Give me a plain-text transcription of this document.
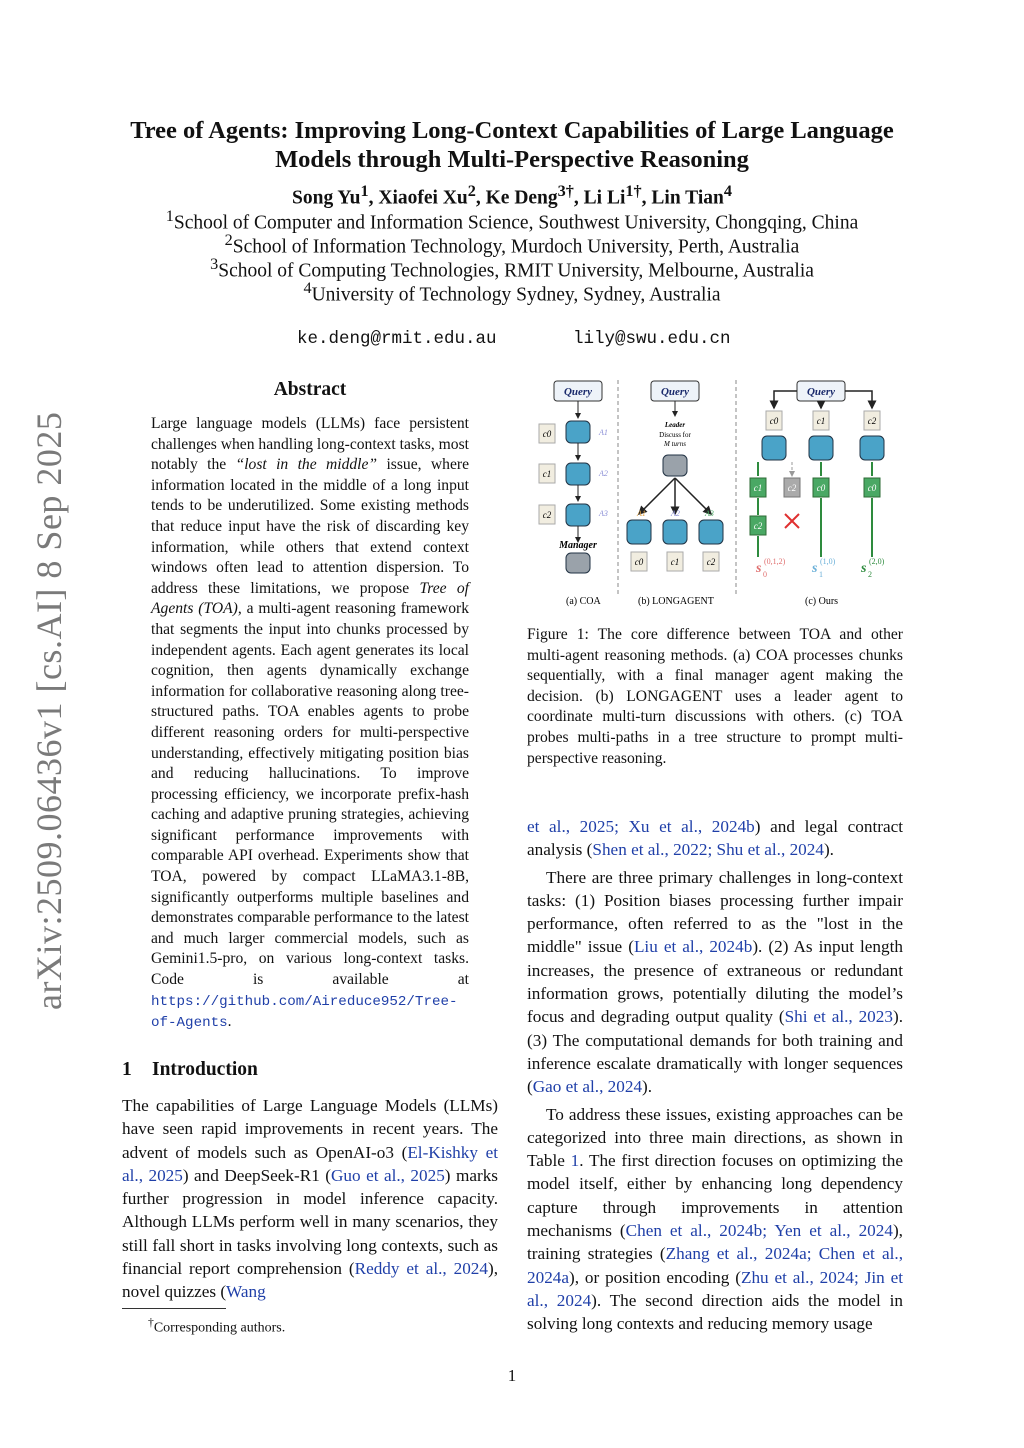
arXiv:2509.06436v1 [cs.AI] 8 Sep 2025
Tree of Agents: Improving Long-Context Capabilities of Large Language
Models through Multi-Perspective Reasoning
Song Yu$^1$, Xiaofei Xu$^2$, Ke Deng$^{3\dagger}$, Li $Li^{1\dagger}$, Lin Tian$^4$
$^1$School of Computer and Information Science, Southwest University, Chongqing, China
$^2$School of Information Technology, Murdoch University, Perth, Australia
$^3$School of Computing Technologies, RMIT University, Melbourne, Australia
$^4$University of Technology Sydney, Sydney, Australia
ke.deng@rmit.edu.au	lily@swu.edu.cn
Abstract
Large language models (LLMs) face persistent challenges when handling long-context tasks, most notably the “lost in the middle” issue, where information located in the middle of a long input tends to be underutilized. Some existing methods that reduce input have the risk of discarding key information, while others that extend context windows often lead to attention dispersion. To address these limitations, we propose Tree of Agents (TOA), a multi-agent reasoning framework that segments the input into chunks processed by independent agents. Each agent generates its local cognition, then agents dynamically exchange information for collaborative reasoning along tree-structured paths. TOA enables agents to probe different reasoning orders for multi-perspective understanding, effectively mitigating position bias and reducing hallucinations. To improve processing efficiency, we incorporate prefix-hash caching and adaptive pruning strategies, achieving significant performance improvements with comparable API overhead. Experiments show that TOA, powered by compact LLaMA3.1-8B, significantly outperforms multiple baselines and demonstrates comparable performance to the latest and much larger commercial models, such as Gemini1.5-pro, on various long-context tasks. Code is available at https://github.com/Aireduce952/Tree-of-Agents.
1 Introduction
The capabilities of Large Language Models (LLMs) have seen rapid improvements in recent years. The advent of models such as OpenAI-o3 (El-Kishky et al., 2025) and DeepSeek-R1 (Guo et al., 2025) marks further progression in model inference capacity. Although LLMs perform well in many scenarios, they still fall short in tasks involving long contexts, such as financial report comprehension (Reddy et al., 2024), novel quizzes (Wang
†Corresponding authors.
1
Query
Manager
c0
c1
c2
A1
A2
A3
(a) COA
Query
Leader
Discuss for
M turns
A1	A2	A3
c0	c1	c2
(b) LONGAGENT
Query
c0	c1	c2
c1
c2
c2 c0	c0
s 0
(0,1,2) s 1
(1,0) s 2
(2,0)
(c) Ours
Figure 1: The core difference between TOA and other multi-agent reasoning methods. (a) COA processes chunks sequentially, with a final manager agent making the decision. (b) LONGAGENT uses a leader agent to coordinate multi-turn discussions with others. (c) TOA probes multi-paths in a tree structure to prompt multi-perspective reasoning.

et al., 2025; Xu et al., 2024b) and legal contract analysis (Shen et al., 2022; Shu et al., 2024).

There are three primary challenges in long-context tasks: (1) Position biases processing further impair performance, often referred to as the "lost in the middle" issue (Liu et al., 2024b). (2) As input length increases, the presence of extraneous or redundant information grows, potentially diluting the model’s focus and degrading output quality (Shi et al., 2023). (3) The computational demands for both training and inference escalate dramatically with longer sequences (Gao et al., 2024).

To address these issues, existing approaches can be categorized into three main directions, as shown in Table 1. The first direction focuses on optimizing the model itself, either by enhancing long dependency capture through improvements in attention mechanisms (Chen et al., 2024b; Yen et al., 2024), training strategies (Zhang et al., 2024a; Chen et al., 2024a), or position encoding (Zhu et al., 2024; Jin et al., 2024). The second direction aids the model in solving long contexts and reducing memory usage
